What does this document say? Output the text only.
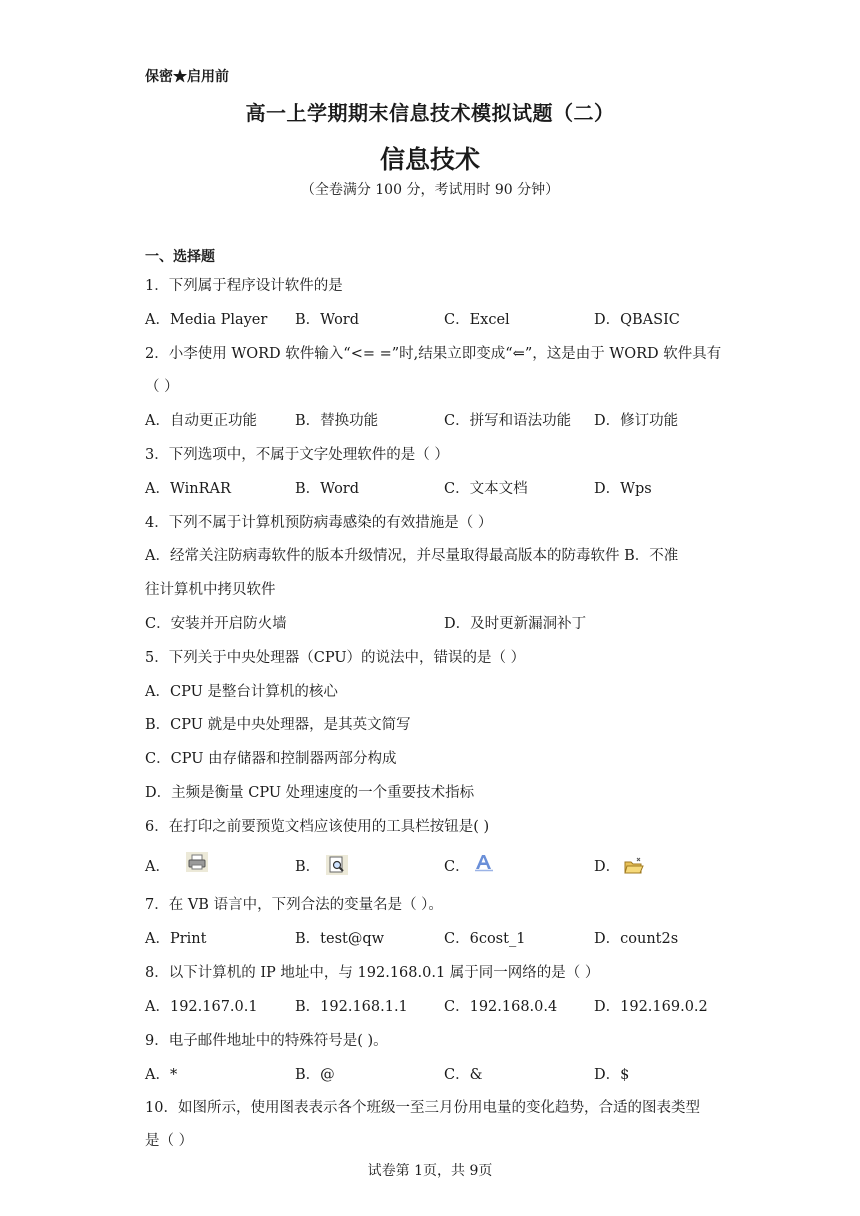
保密★启用前
高一上学期期末信息技术模拟试题（二）
信息技术
（全卷满分 100 分，考试用时 90 分钟）
一、选择题
1．下列属于程序设计软件的是
A．Media Player B．Word	C．Excel	D．QBASIC
2．小李使用 WORD 软件输入“<= =”时,结果立即变成“⇐”，这是由于 WORD 软件具有
（ ）
A．自动更正功能	B．替换功能	C．拼写和语法功能 D．修订功能
3．下列选项中，不属于文字处理软件的是（ ）
A．WinRAR	B．Word	C．文本文档	D．Wps
4．下列不属于计算机预防病毒感染的有效措施是（ ）
A．经常关注防病毒软件的版本升级情况，并尽量取得最高版本的防毒软件 B．不准
往计算机中拷贝软件
C．安装并开启防火墙	D．及时更新漏洞补丁
5．下列关于中央处理器（CPU）的说法中，错误的是（ ）
A．CPU 是整台计算机的核心
B．CPU 就是中央处理器，是其英文简写
C．CPU 由存储器和控制器两部分构成
D．主频是衡量 CPU 处理速度的一个重要技术指标
6．在打印之前要预览文档应该使用的工具栏按钮是( )
A．	B．	C．	D．
7．在 VB 语言中，下列合法的变量名是（ ）。
A．Print	B．test@qw	C．6cost_1	D．count2s
8．以下计算机的 IP 地址中，与 192.168.0.1 属于同一网络的是（ ）
A．192.167.0.1	B．192.168.1.1 C．192.168.0.4	D．192.169.0.2
9．电子邮件地址中的特殊符号是( )。
A．*	B．@	C．&	D．$
10．如图所示，使用图表表示各个班级一至三月份用电量的变化趋势，合适的图表类型
是（ ）
试卷第 1页，共 9页
